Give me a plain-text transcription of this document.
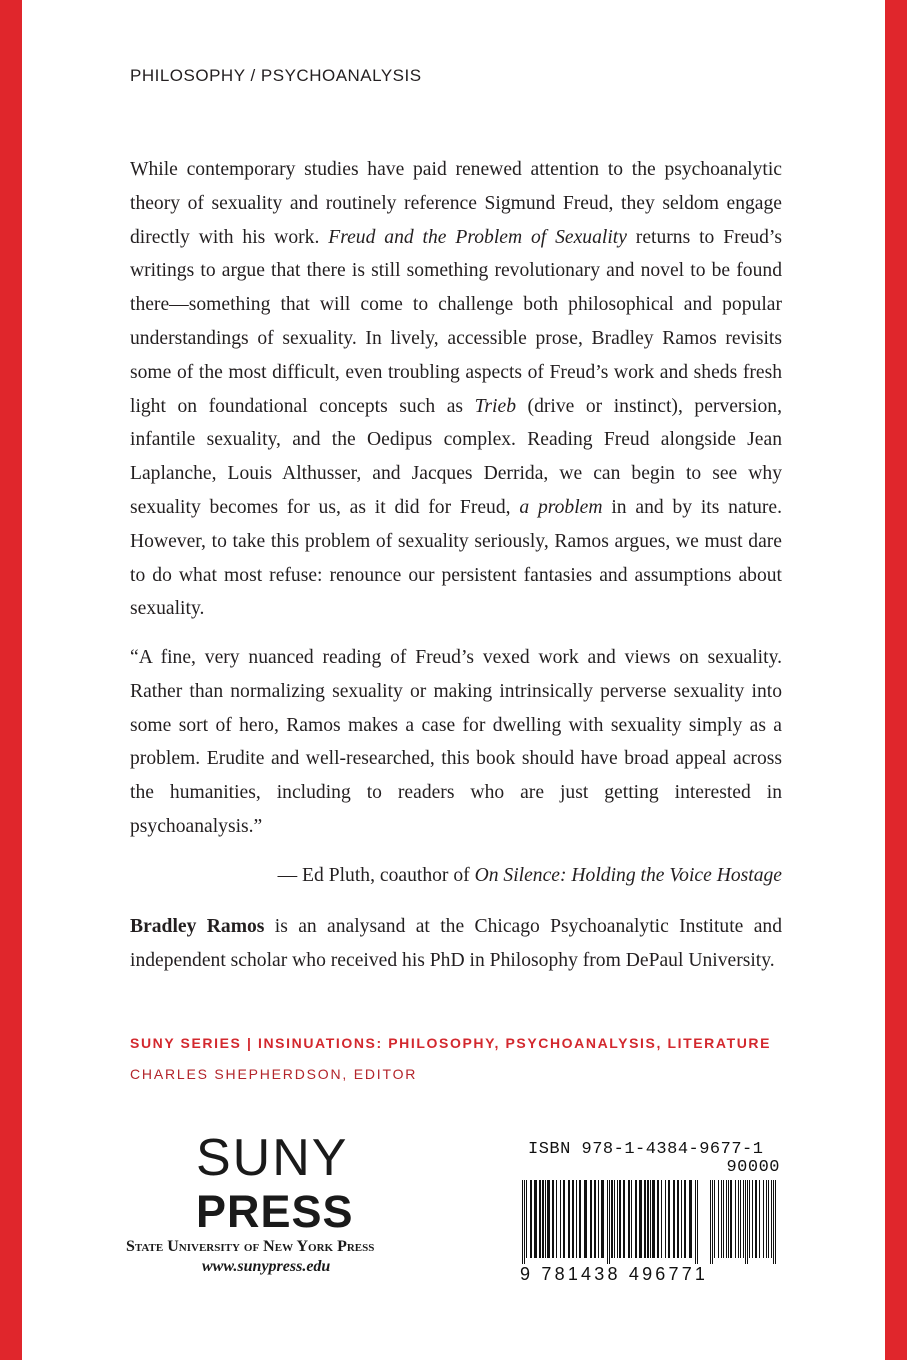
PHILOSOPHY / PSYCHOANALYSIS

While contemporary studies have paid renewed attention to the psychoanalytic theory of sexuality and routinely reference Sigmund Freud, they seldom engage directly with his work. Freud and the Problem of Sexuality returns to Freud’s writings to argue that there is still something revolutionary and novel to be found there—something that will come to challenge both philosophical and popular understandings of sexuality. In lively, accessible prose, Bradley Ramos revisits some of the most difficult, even troubling aspects of Freud’s work and sheds fresh light on foundational concepts such as Trieb (drive or instinct), perversion, infantile sexuality, and the Oedipus complex. Reading Freud alongside Jean Laplanche, Louis Althusser, and Jacques Derrida, we can begin to see why sexuality becomes for us, as it did for Freud, a problem in and by its nature. However, to take this problem of sexuality seriously, Ramos argues, we must dare to do what most refuse: renounce our persistent fantasies and assumptions about sexuality.

“A fine, very nuanced reading of Freud’s vexed work and views on sexuality. Rather than normalizing sexuality or making intrinsically perverse sexuality into some sort of hero, Ramos makes a case for dwelling with sexuality simply as a problem. Erudite and well-researched, this book should have broad appeal across the humanities, including to readers who are just getting interested in psychoanalysis.”

— Ed Pluth, coauthor of On Silence: Holding the Voice Hostage

Bradley Ramos is an analysand at the Chicago Psychoanalytic Institute and independent scholar who received his PhD in Philosophy from DePaul University.

SUNY SERIES | INSINUATIONS: PHILOSOPHY, PSYCHOANALYSIS, LITERATURE
CHARLES SHEPHERDSON, EDITOR
SUNY
PRESS
State University of New York Press
www.sunypress.edu
ISBN 978-1-4384-9677-1
90000
9 781438 496771
